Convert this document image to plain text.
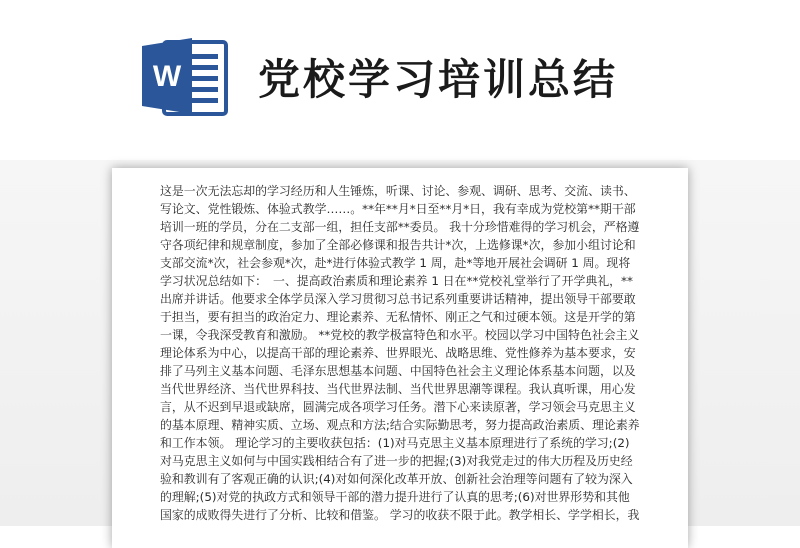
W 党校学习培训总结

这是一次无法忘却的学习经历和人生锤炼，听课、讨论、参观、调研、思考、交流、读书、写论文、党性锻炼、体验式教学……。**年**月*日至**月*日，我有幸成为党校第**期干部培训一班的学员，分在二支部一组，担任支部**委员。 我十分珍惜难得的学习机会，严格遵守各项纪律和规章制度，参加了全部必修课和报告共计*次，上选修课*次，参加小组讨论和支部交流*次，社会参观*次，赴*进行体验式教学 1 周，赴*等地开展社会调研 1 周。现将学习状况总结如下：　一、提高政治素质和理论素养 1 日在**党校礼堂举行了开学典礼，**出席并讲话。他要求全体学员深入学习贯彻习总书记系列重要讲话精神，提出领导干部要敢于担当，要有担当的政治定力、理论素养、无私情怀、刚正之气和过硬本领。这是开学的第一课，令我深受教育和激励。 **党校的教学极富特色和水平。校园以学习中国特色社会主义理论体系为中心，以提高干部的理论素养、世界眼光、战略思维、党性修养为基本要求，安排了马列主义基本问题、毛泽东思想基本问题、中国特色社会主义理论体系基本问题，以及当代世界经济、当代世界科技、当代世界法制、当代世界思潮等课程。我认真听课，用心发言，从不迟到早退或缺席，圆满完成各项学习任务。潜下心来读原著，学习领会马克思主义的基本原理、精神实质、立场、观点和方法;结合实际勤思考，努力提高政治素质、理论素养和工作本领。 理论学习的主要收获包括：(1)对马克思主义基本原理进行了系统的学习;(2)对马克思主义如何与中国实践相结合有了进一步的把握;(3)对我党走过的伟大历程及历史经验和教训有了客观正确的认识;(4)对如何深化改革开放、创新社会治理等问题有了较为深入的理解;(5)对党的执政方式和领导干部的潜力提升进行了认真的思考;(6)对世界形势和其他国家的成败得失进行了分析、比较和借鉴。 学习的收获不限于此。教学相长、学学相长，我
